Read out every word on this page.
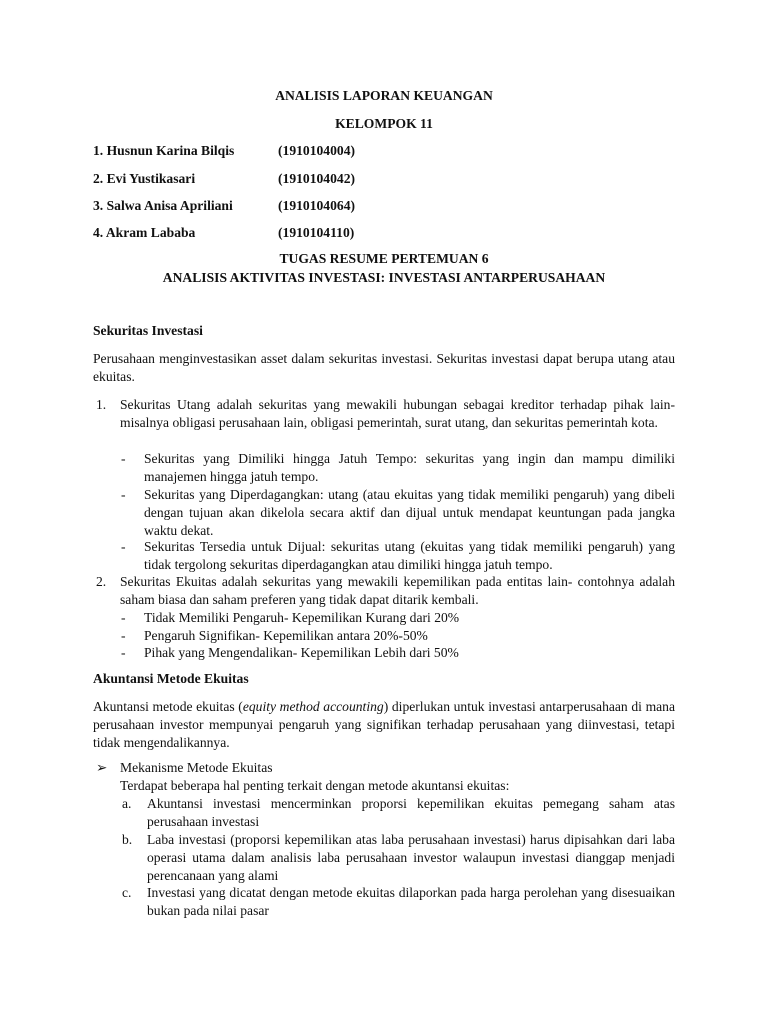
ANALISIS LAPORAN KEUANGAN
KELOMPOK 11
1. Husnun Karina Bilqis	(1910104004)
2. Evi Yustikasari	(1910104042)
3. Salwa Anisa Apriliani	(1910104064)
4. Akram Lababa	(1910104110)
TUGAS RESUME PERTEMUAN 6
ANALISIS AKTIVITAS INVESTASI: INVESTASI ANTARPERUSAHAAN
Sekuritas Investasi

Perusahaan menginvestasikan asset dalam sekuritas investasi. Sekuritas investasi dapat berupa utang atau ekuitas.

1. Sekuritas Utang adalah sekuritas yang mewakili hubungan sebagai kreditor terhadap pihak lain- misalnya obligasi perusahaan lain, obligasi pemerintah, surat utang, dan sekuritas pemerintah kota.

- Sekuritas yang Dimiliki hingga Jatuh Tempo: sekuritas yang ingin dan mampu dimiliki manajemen hingga jatuh tempo.

- Sekuritas yang Diperdagangkan: utang (atau ekuitas yang tidak memiliki pengaruh) yang dibeli dengan tujuan akan dikelola secara aktif dan dijual untuk mendapat keuntungan pada jangka waktu dekat.

- Sekuritas Tersedia untuk Dijual: sekuritas utang (ekuitas yang tidak memiliki pengaruh) yang tidak tergolong sekuritas diperdagangkan atau dimiliki hingga jatuh tempo.

2. Sekuritas Ekuitas adalah sekuritas yang mewakili kepemilikan pada entitas lain- contohnya adalah saham biasa dan saham preferen yang tidak dapat ditarik kembali.

- Tidak Memiliki Pengaruh- Kepemilikan Kurang dari 20%

- Pengaruh Signifikan- Kepemilikan antara 20%-50%

- Pihak yang Mengendalikan- Kepemilikan Lebih dari 50%

Akuntansi Metode Ekuitas

Akuntansi metode ekuitas (equity method accounting) diperlukan untuk investasi antarperusahaan di mana perusahaan investor mempunyai pengaruh yang signifikan terhadap perusahaan yang diinvestasi, tetapi tidak mengendalikannya.

➢ Mekanisme Metode Ekuitas
Terdapat beberapa hal penting terkait dengan metode akuntansi ekuitas:
a. Akuntansi investasi mencerminkan proporsi kepemilikan ekuitas pemegang saham atas perusahaan investasi

b. Laba investasi (proporsi kepemilikan atas laba perusahaan investasi) harus dipisahkan dari laba operasi utama dalam analisis laba perusahaan investor walaupun investasi dianggap menjadi perencanaan yang alami

c. Investasi yang dicatat dengan metode ekuitas dilaporkan pada harga perolehan yang disesuaikan bukan pada nilai pasar
